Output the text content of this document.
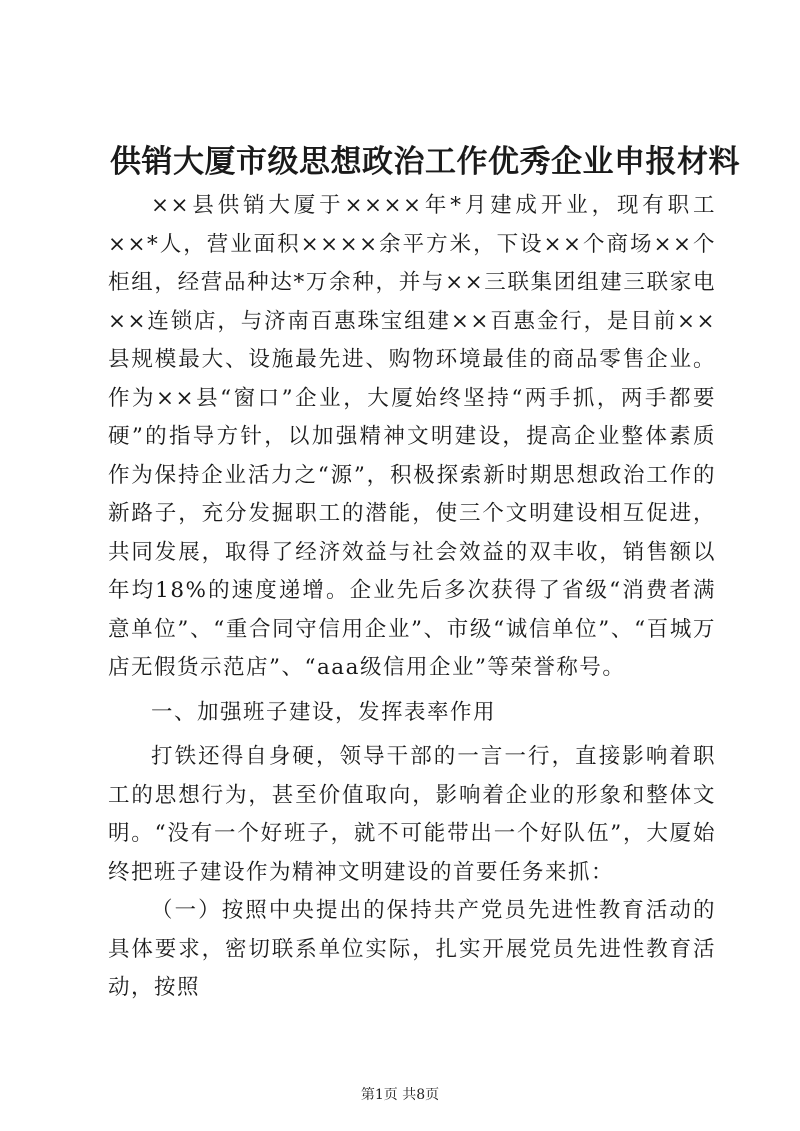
供销大厦市级思想政治工作优秀企业申报材料

××县供销大厦于××××年*月建成开业，现有职工××*人，营业面积××××余平方米，下设××个商场××个柜组，经营品种达*万余种，并与××三联集团组建三联家电××连锁店，与济南百惠珠宝组建××百惠金行，是目前××县规模最大、设施最先进、购物环境最佳的商品零售企业。作为××县“窗口”企业，大厦始终坚持“两手抓，两手都要硬”的指导方针，以加强精神文明建设，提高企业整体素质作为保持企业活力之“源”，积极探索新时期思想政治工作的新路子，充分发掘职工的潜能，使三个文明建设相互促进，共同发展，取得了经济效益与社会效益的双丰收，销售额以年均18%的速度递增。企业先后多次获得了省级“消费者满意单位”、“重合同守信用企业”、市级“诚信单位”、“百城万店无假货示范店”、“aaa级信用企业”等荣誉称号。

一、加强班子建设，发挥表率作用

打铁还得自身硬，领导干部的一言一行，直接影响着职工的思想行为，甚至价值取向，影响着企业的形象和整体文明。“没有一个好班子，就不可能带出一个好队伍”，大厦始终把班子建设作为精神文明建设的首要任务来抓：

（一）按照中央提出的保持共产党员先进性教育活动的具体要求，密切联系单位实际，扎实开展党员先进性教育活动，按照

第1页 共8页
